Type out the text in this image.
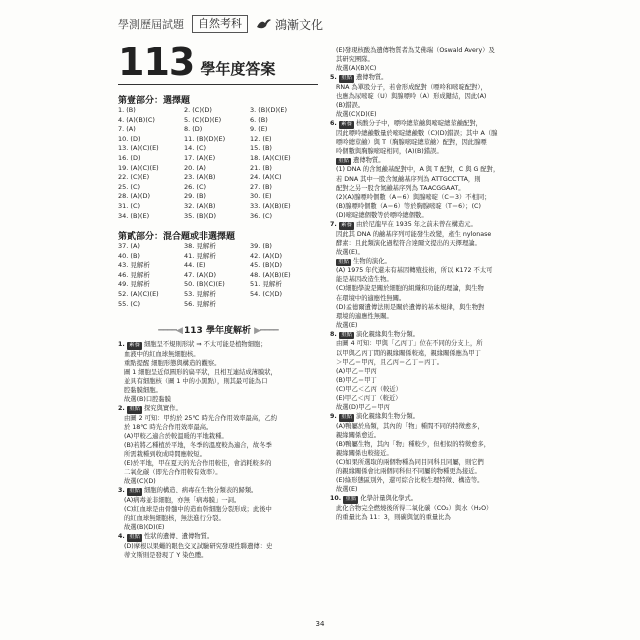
學測歷屆試題	自然考科	鴻漸文化
113 學年度答案
第壹部分：選擇題
1. (B)	2. (C)(D)	3. (B)(D)(E)
4. (A)(B)(C)	5. (C)(D)(E)	6. (B)
7. (A)	8. (D)	9. (E)
10. (D)	11. (B)(D)(E)	12. (E)
13. (A)(C)(E)	14. (C)	15. (B)
16. (D)	17. (A)(E)	18. (A)(C)(E)
19. (A)(C)(E)	20. (A)	21. (B)
22. (C)(E)	23. (A)(B)	24. (A)(C)
25. (C)	26. (C)	27. (B)
28. (A)(D)	29. (B)	30. (E)
31. (C)	32. (A)(B)	33. (A)(B)(E)
34. (B)(E)	35. (B)(D)	36. (C)
第貳部分：混合題或非選擇題
37. (A)	38. 見解析	39. (B)
40. (B)	41. 見解析	42. (A)(D)
43. 見解析	44. (E)	45. (B)(D)
46. 見解析	47. (A)(D)	48. (A)(B)(E)
49. 見解析	50. (B)(C)(E)	51. 見解析
52. (A)(C)(E)	53. 見解析	54. (C)(D)
55. (C)	56. 見解析
━━━━◀ 113 學年度解析 ▶━━━━
1. 素養 細胞呈不規則形狀 ⇒ 不太可能是植物細胞；
血液中的紅血球無細胞核。
重點提醒 細胞形態與構造的觀察。
圖 1 細胞呈近似圓形的扁平狀，且相互連結成薄膜狀，
並具有細胞核（圖 1 中的小黑點），則其最可能為口
腔黏膜細胞。
故選(B)口腔黏膜
2. 重點 探究與實作。
由圖 2 可知：甲約於 25℃ 時光合作用效率最高，乙約
於 18℃ 時光合作用效率最高。
(A)甲較乙適合於較溫暖的平地栽種。
(B)若將乙種植於平地，冬季的溫度較為適合，故冬季
所需栽種到收成時間應較短。
(E)於平地，甲在夏天的光合作用較佳，會消耗較多的
二氧化碳（即光合作用較有效率）。
故選(C)(D)
3. 重點 細胞的構造、病毒在生物分類表的歸類。
(A)病毒並非細胞，亦無「病毒膜」一詞。
(C)紅血球是由骨髓中的造血幹細胞分裂形成；此後中
的紅血球無細胞核，無法進行分裂。
故選(B)(D)(E)
4. 重點 性狀的遺傳、遺傳物質。
(D)摩根以果蠅的眼色交叉試驗研究發現性聯遺傳：史
蒂文斯則是發現了 Y 染色體。
(E)發現核酸為遺傳物質者為艾佛瑞（Oswald Avery）及
其研究團隊。
故選(A)(B)(C)
5. 重點 遺傳物質。
RNA 為單股分子，若會形成配對（嘌呤和嘧啶配對），
也應為尿嘧啶（U）與腺嘌呤（A）形成鍵結，因此(A)
(B)錯誤。
故選(C)(D)(E)
6. 素養 核酸分子中，嘌呤總莖鹼與嘧啶總莖鹼配對，
因此嘌呤總鹼數量於嘧啶總鹼數（C)(D)錯誤；其中 A（腺
嘌呤總莖鹼）與 T（胸腺嘧啶總莖鹼）配對，因此腺嘌
呤個數與胸腺嘧啶相同，(A)(B)錯誤。
重點 遺傳物質。
(1) DNA 的含氮鹼基配對中，A 與 T 配對，C 與 G 配對，
若 DNA 其中一股含氮鹼基序列為 ATTGCCTTA，則
配對之另一股含氮鹼基序列為 TAACGGAAT。
(2)(A)腺嘌呤個數（A＝6）與腺嘧啶（C＝3）不相同；
(B)腺嘌呤個數（A＝6）等於胸腺嘧啶（T＝6）；(C)
(D)嘧啶總個數等於嘌呤總個數。
7. 素養 由於尼龍早在 1935 年之前未曾在構造元。
因此其 DNA 的鹼基序列可能發生改變，產生 nylonase
酵素：且此類演化過程符合達爾文提出的天擇理論。
故選(E)。
重點 生物的演化。
(A) 1975 年代還未有基因轉殖技術，所以 K172 不太可
能是基因改造生物。
(C)細胞學說是關於細胞的組織和功能的理論，與生物
在環境中的適應性無關。
(D)孟德爾遺傳法則是關於遺傳的基本規律，與生物對
環境的適應性無關。
故選(E)
8. 重點 演化親緣與生物分類。
由圖 4 可知：甲與「乙丙丁」位在不同的分支上，所
以甲與乙丙丁間的親緣關係較遠，親緣關係應為甲丁
＞甲乙＝甲丙，且乙丙＝乙丁＝丙丁。
(A)甲乙＝甲丙
(B)甲乙＝甲丁
(C)甲乙＜乙丙（較近）
(E)甲乙＜丙丁（較近）
故選(D)甲乙＝甲丙
9. 重點 演化親緣與生物分類。
(A)鴨屬於鳥類，其內的「物」種間不同的特徵愈多，
親緣關係愈近。
(B)鴨屬生物，其內「物」種較少，但相似的特徵愈多，
親緣關係也較接近。
(C)如果所選取的兩個物種為同目同科且同屬，則它們
的親緣關係會比兩個同科但不同屬的物種更為接近。
(E)綠形態區別外，還可綜合比較生理特徵、構造等。
故選(E)
10. 重點 化學計量與化學式。
此化合物完全燃燒後所得二氧化碳（CO₂）與水（H₂O）
的重量比為 11：3，則碳與氫的重量比為
34
